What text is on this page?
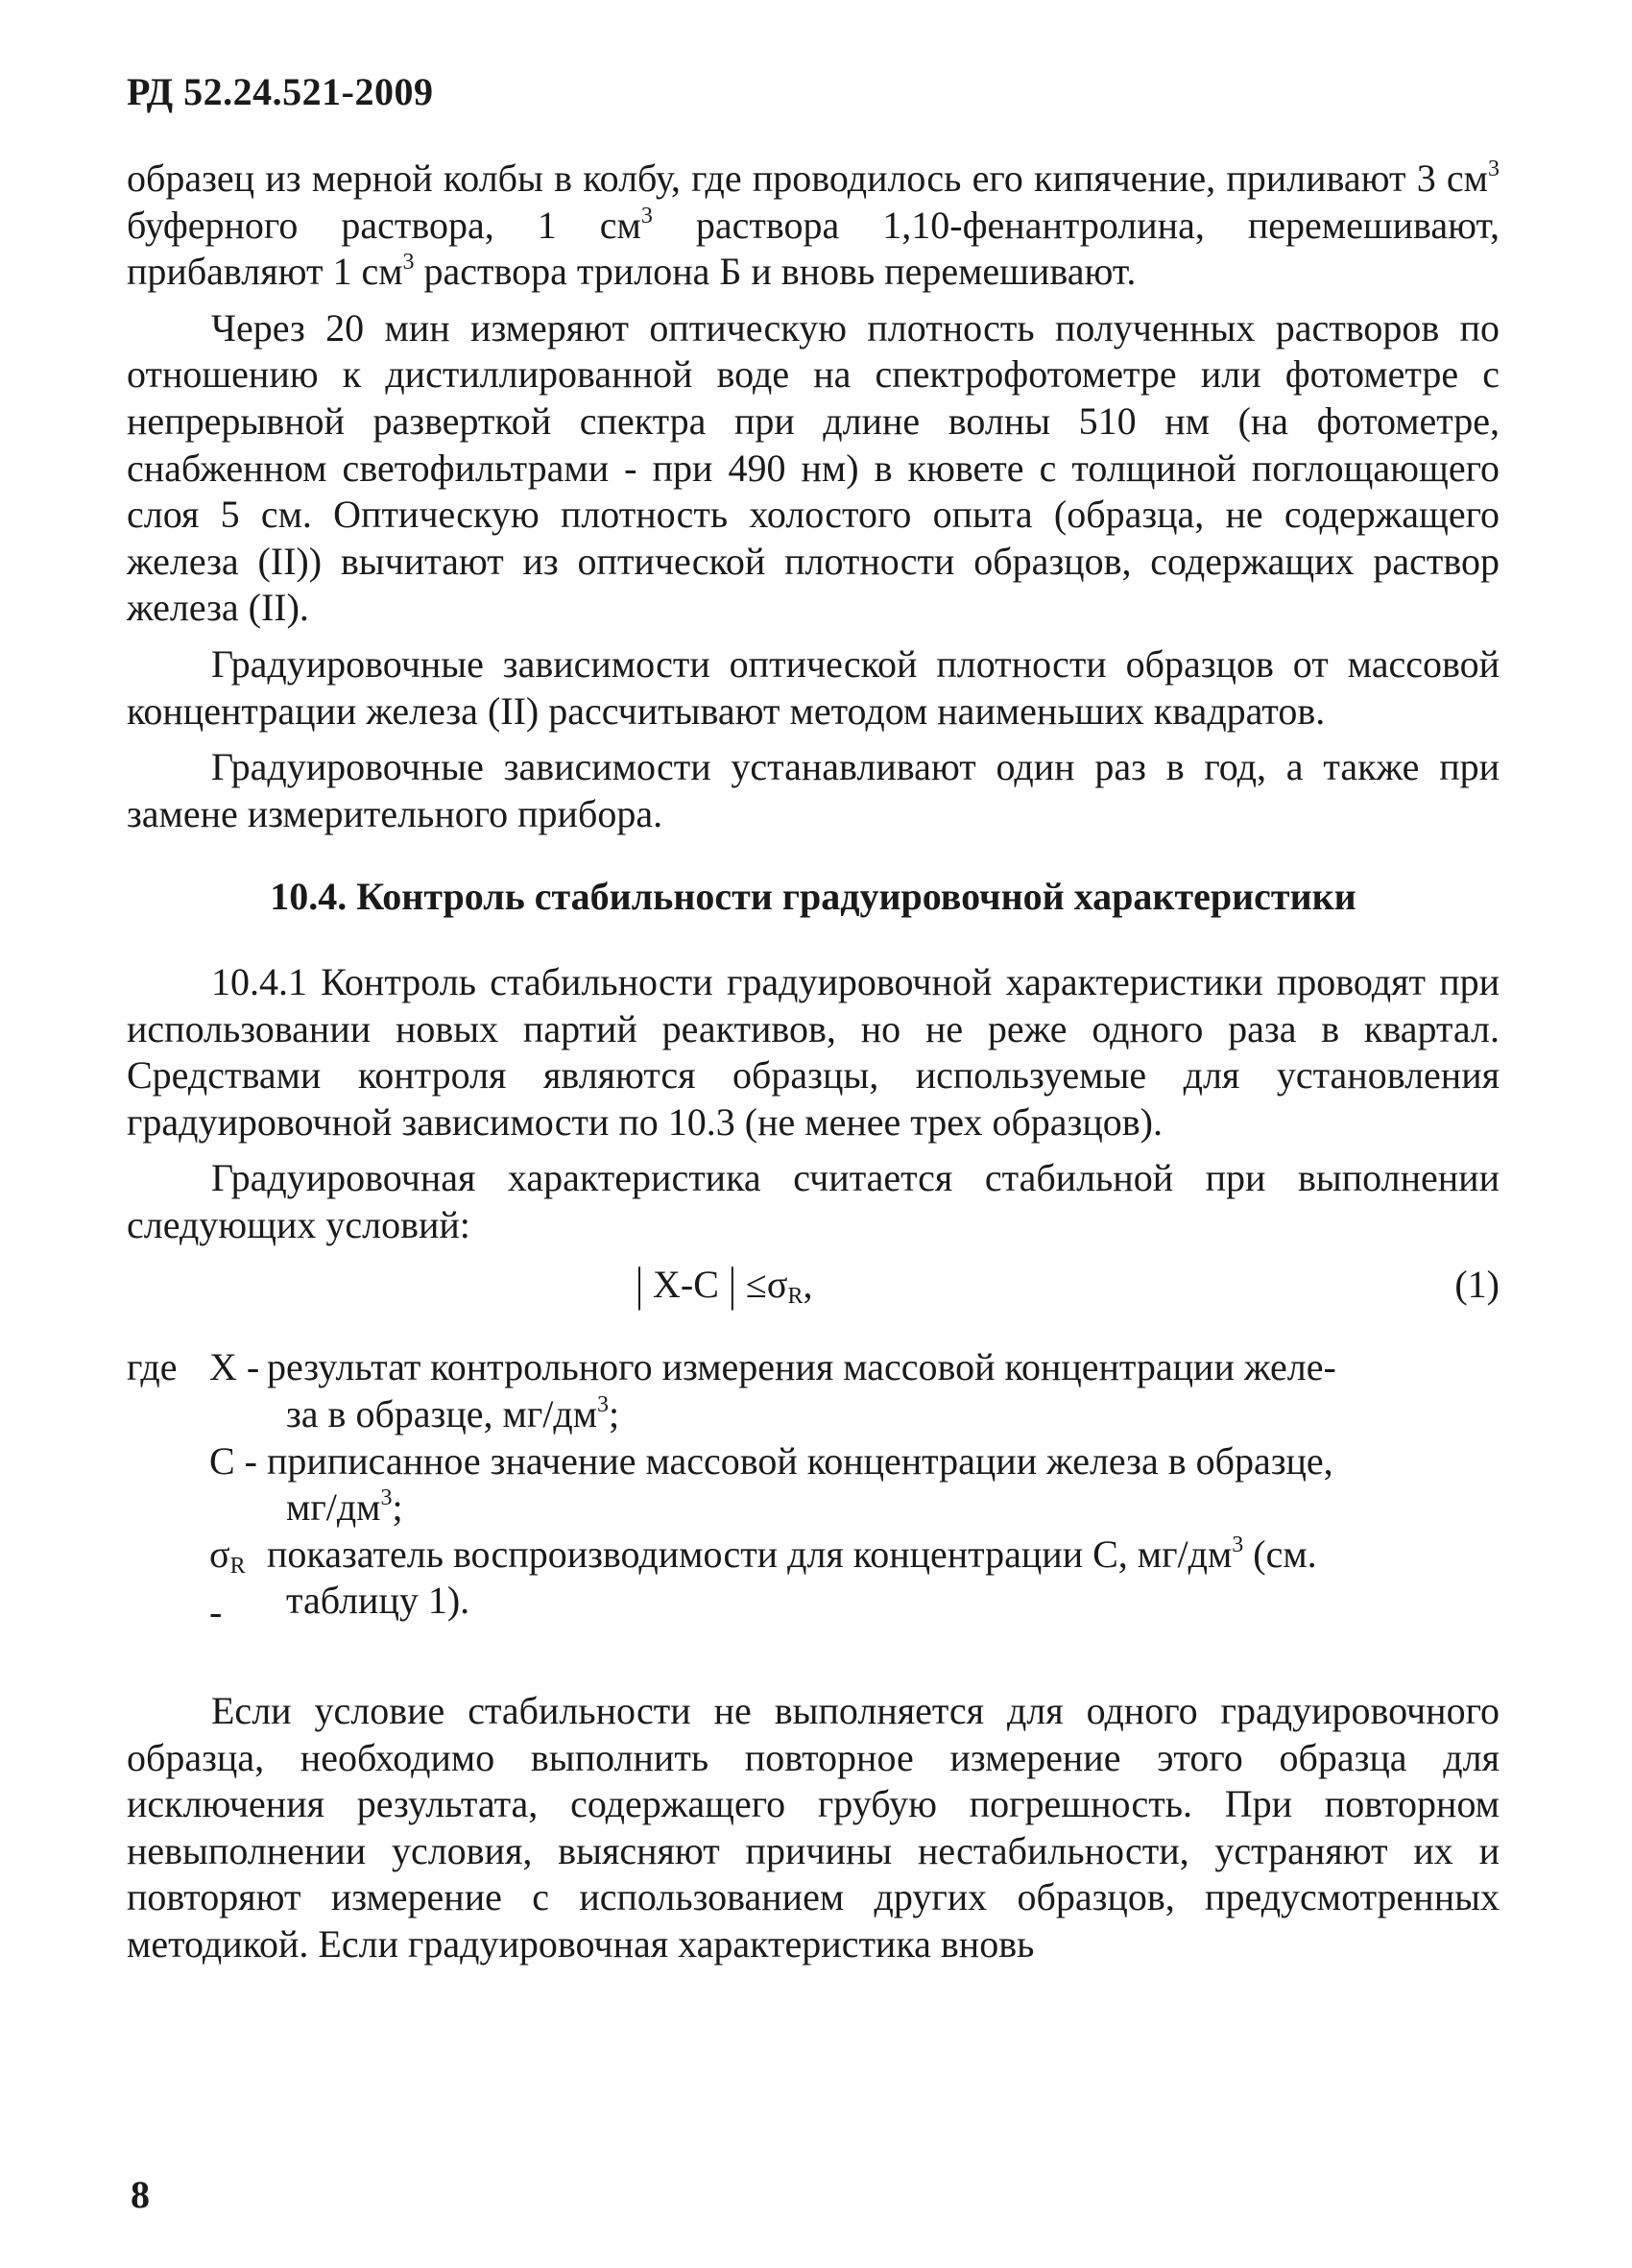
РД 52.24.521-2009

образец из мерной колбы в колбу, где проводилось его кипячение, приливают 3 $см^3$ буферного раствора, 1 $см^3$ раствора 1,10-фенантролина, перемешивают, прибавляют 1 $см^3$ раствора трилона Б и вновь перемешивают.

Через 20 мин измеряют оптическую плотность полученных растворов по отношению к дистиллированной воде на спектрофотометре или фотометре с непрерывной разверткой спектра при длине волны 510 нм (на фотометре, снабженном светофильтрами - при 490 нм) в кювете с толщиной поглощающего слоя 5 см. Оптическую плотность холостого опыта (образца, не содержащего железа (II)) вычитают из оптической плотности образцов, содержащих раствор железа (II).

Градуировочные зависимости оптической плотности образцов от массовой концентрации железа (II) рассчитывают методом наименьших квадратов.

Градуировочные зависимости устанавливают один раз в год, а также при замене измерительного прибора.

10.4. Контроль стабильности градуировочной характеристики

10.4.1 Контроль стабильности градуировочной характеристики проводят при использовании новых партий реактивов, но не реже одного раза в квартал. Средствами контроля являются образцы, используемые для установления градуировочной зависимости по 10.3 (не менее трех образцов).

Градуировочная характеристика считается стабильной при выполнении следующих условий:

| X-C | $\le\sigma_R$,	(1)
где X - результат контрольного измерения массовой концентрации желе-
за в образце, $мг/дм^3$;
C - приписанное значение массовой концентрации железа в образце,
$мг/дм^3$;
$\sigma_R$ -
показатель воспроизводимости для концентрации C, $мг/дм^3$ (см.
таблицу 1).

Если условие стабильности не выполняется для одного градуировочного образца, необходимо выполнить повторное измерение этого образца для исключения результата, содержащего грубую погрешность. При повторном невыполнении условия, выясняют причины нестабильности, устраняют их и повторяют измерение с использованием других образцов, предусмотренных методикой. Если градуировочная характеристика вновь

8
